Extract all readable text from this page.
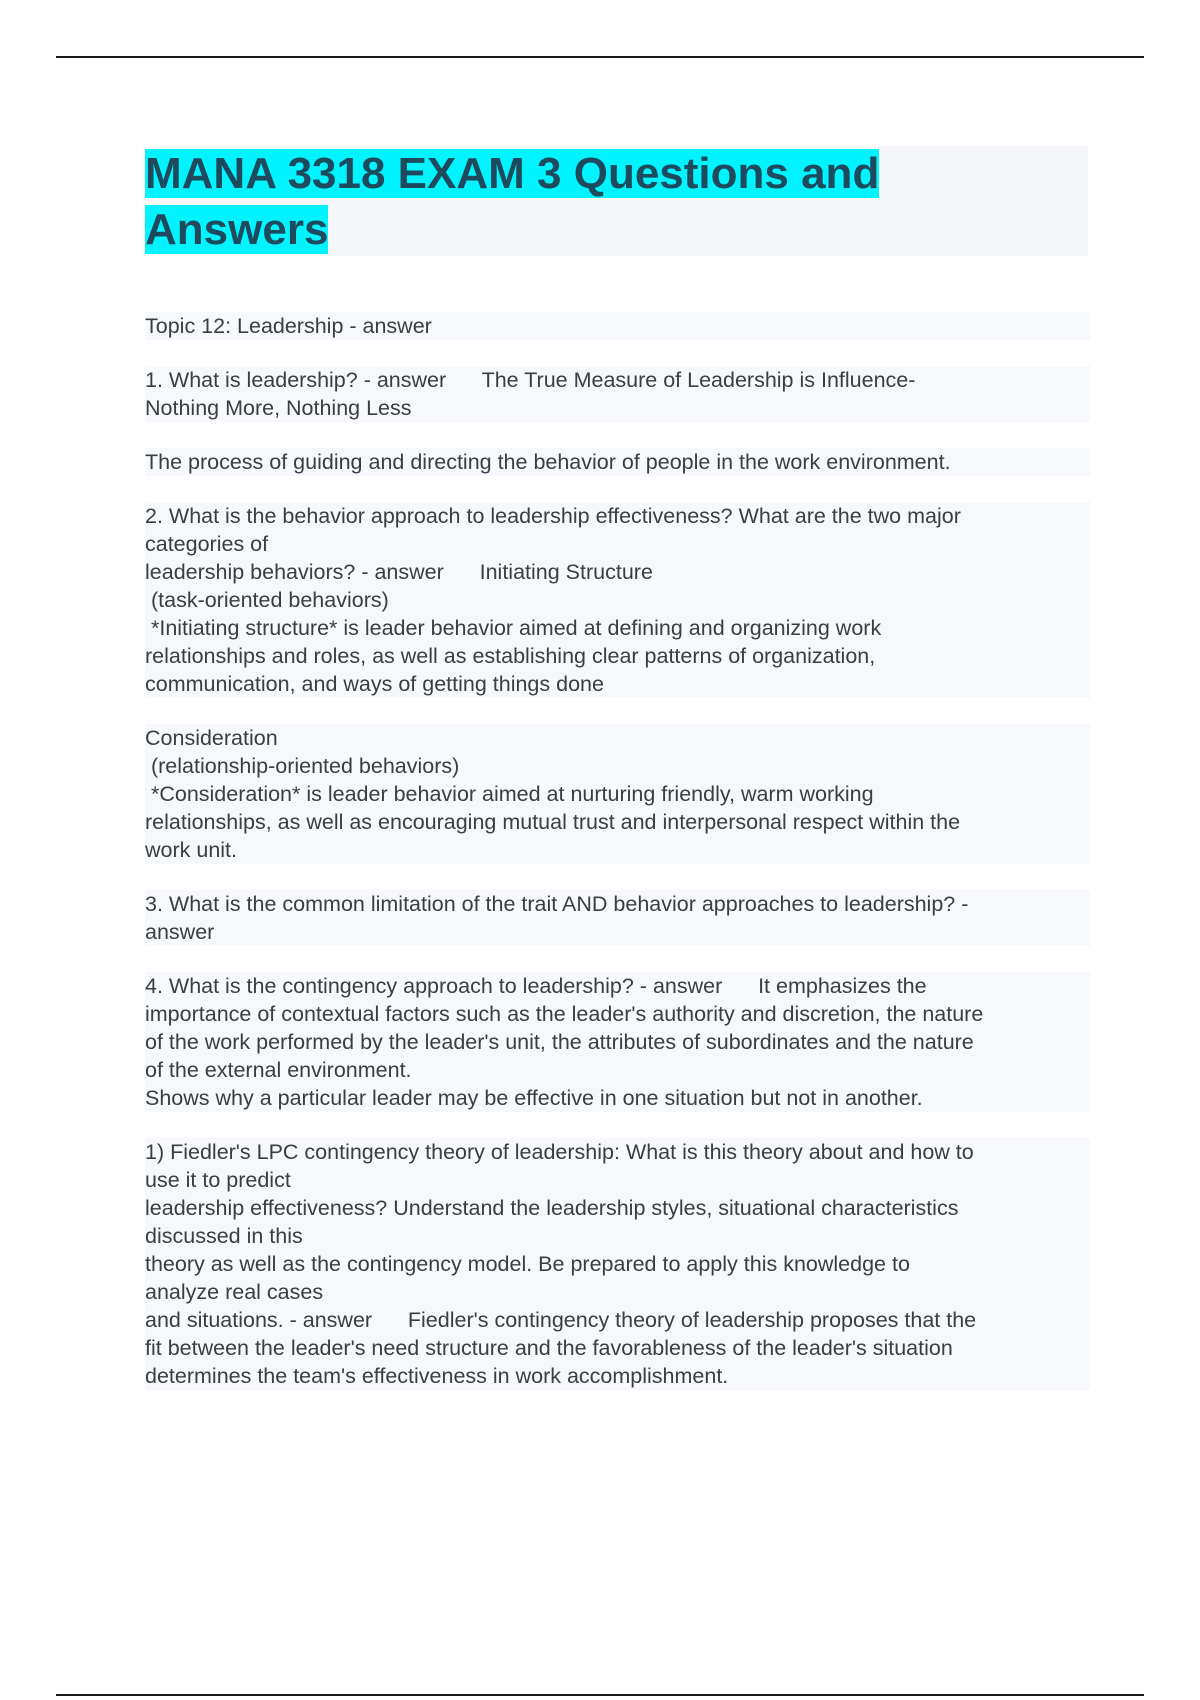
MANA 3318 EXAM 3 Questions and Answers
Topic 12: Leadership - answer
1. What is leadership? - answer      The True Measure of Leadership is Influence-
Nothing More, Nothing Less
The process of guiding and directing the behavior of people in the work environment.
2. What is the behavior approach to leadership effectiveness? What are the two major
categories of
leadership behaviors? - answer      Initiating Structure
(task-oriented behaviors)
*Initiating structure* is leader behavior aimed at defining and organizing work
relationships and roles, as well as establishing clear patterns of organization,
communication, and ways of getting things done
Consideration
(relationship-oriented behaviors)
*Consideration* is leader behavior aimed at nurturing friendly, warm working
relationships, as well as encouraging mutual trust and interpersonal respect within the
work unit.
3. What is the common limitation of the trait AND behavior approaches to leadership? -
answer
4. What is the contingency approach to leadership? - answer      It emphasizes the
importance of contextual factors such as the leader's authority and discretion, the nature
of the work performed by the leader's unit, the attributes of subordinates and the nature
of the external environment.
Shows why a particular leader may be effective in one situation but not in another.
1) Fiedler's LPC contingency theory of leadership: What is this theory about and how to
use it to predict
leadership effectiveness? Understand the leadership styles, situational characteristics
discussed in this
theory as well as the contingency model. Be prepared to apply this knowledge to
analyze real cases
and situations. - answer      Fiedler's contingency theory of leadership proposes that the
fit between the leader's need structure and the favorableness of the leader's situation
determines the team's effectiveness in work accomplishment.
